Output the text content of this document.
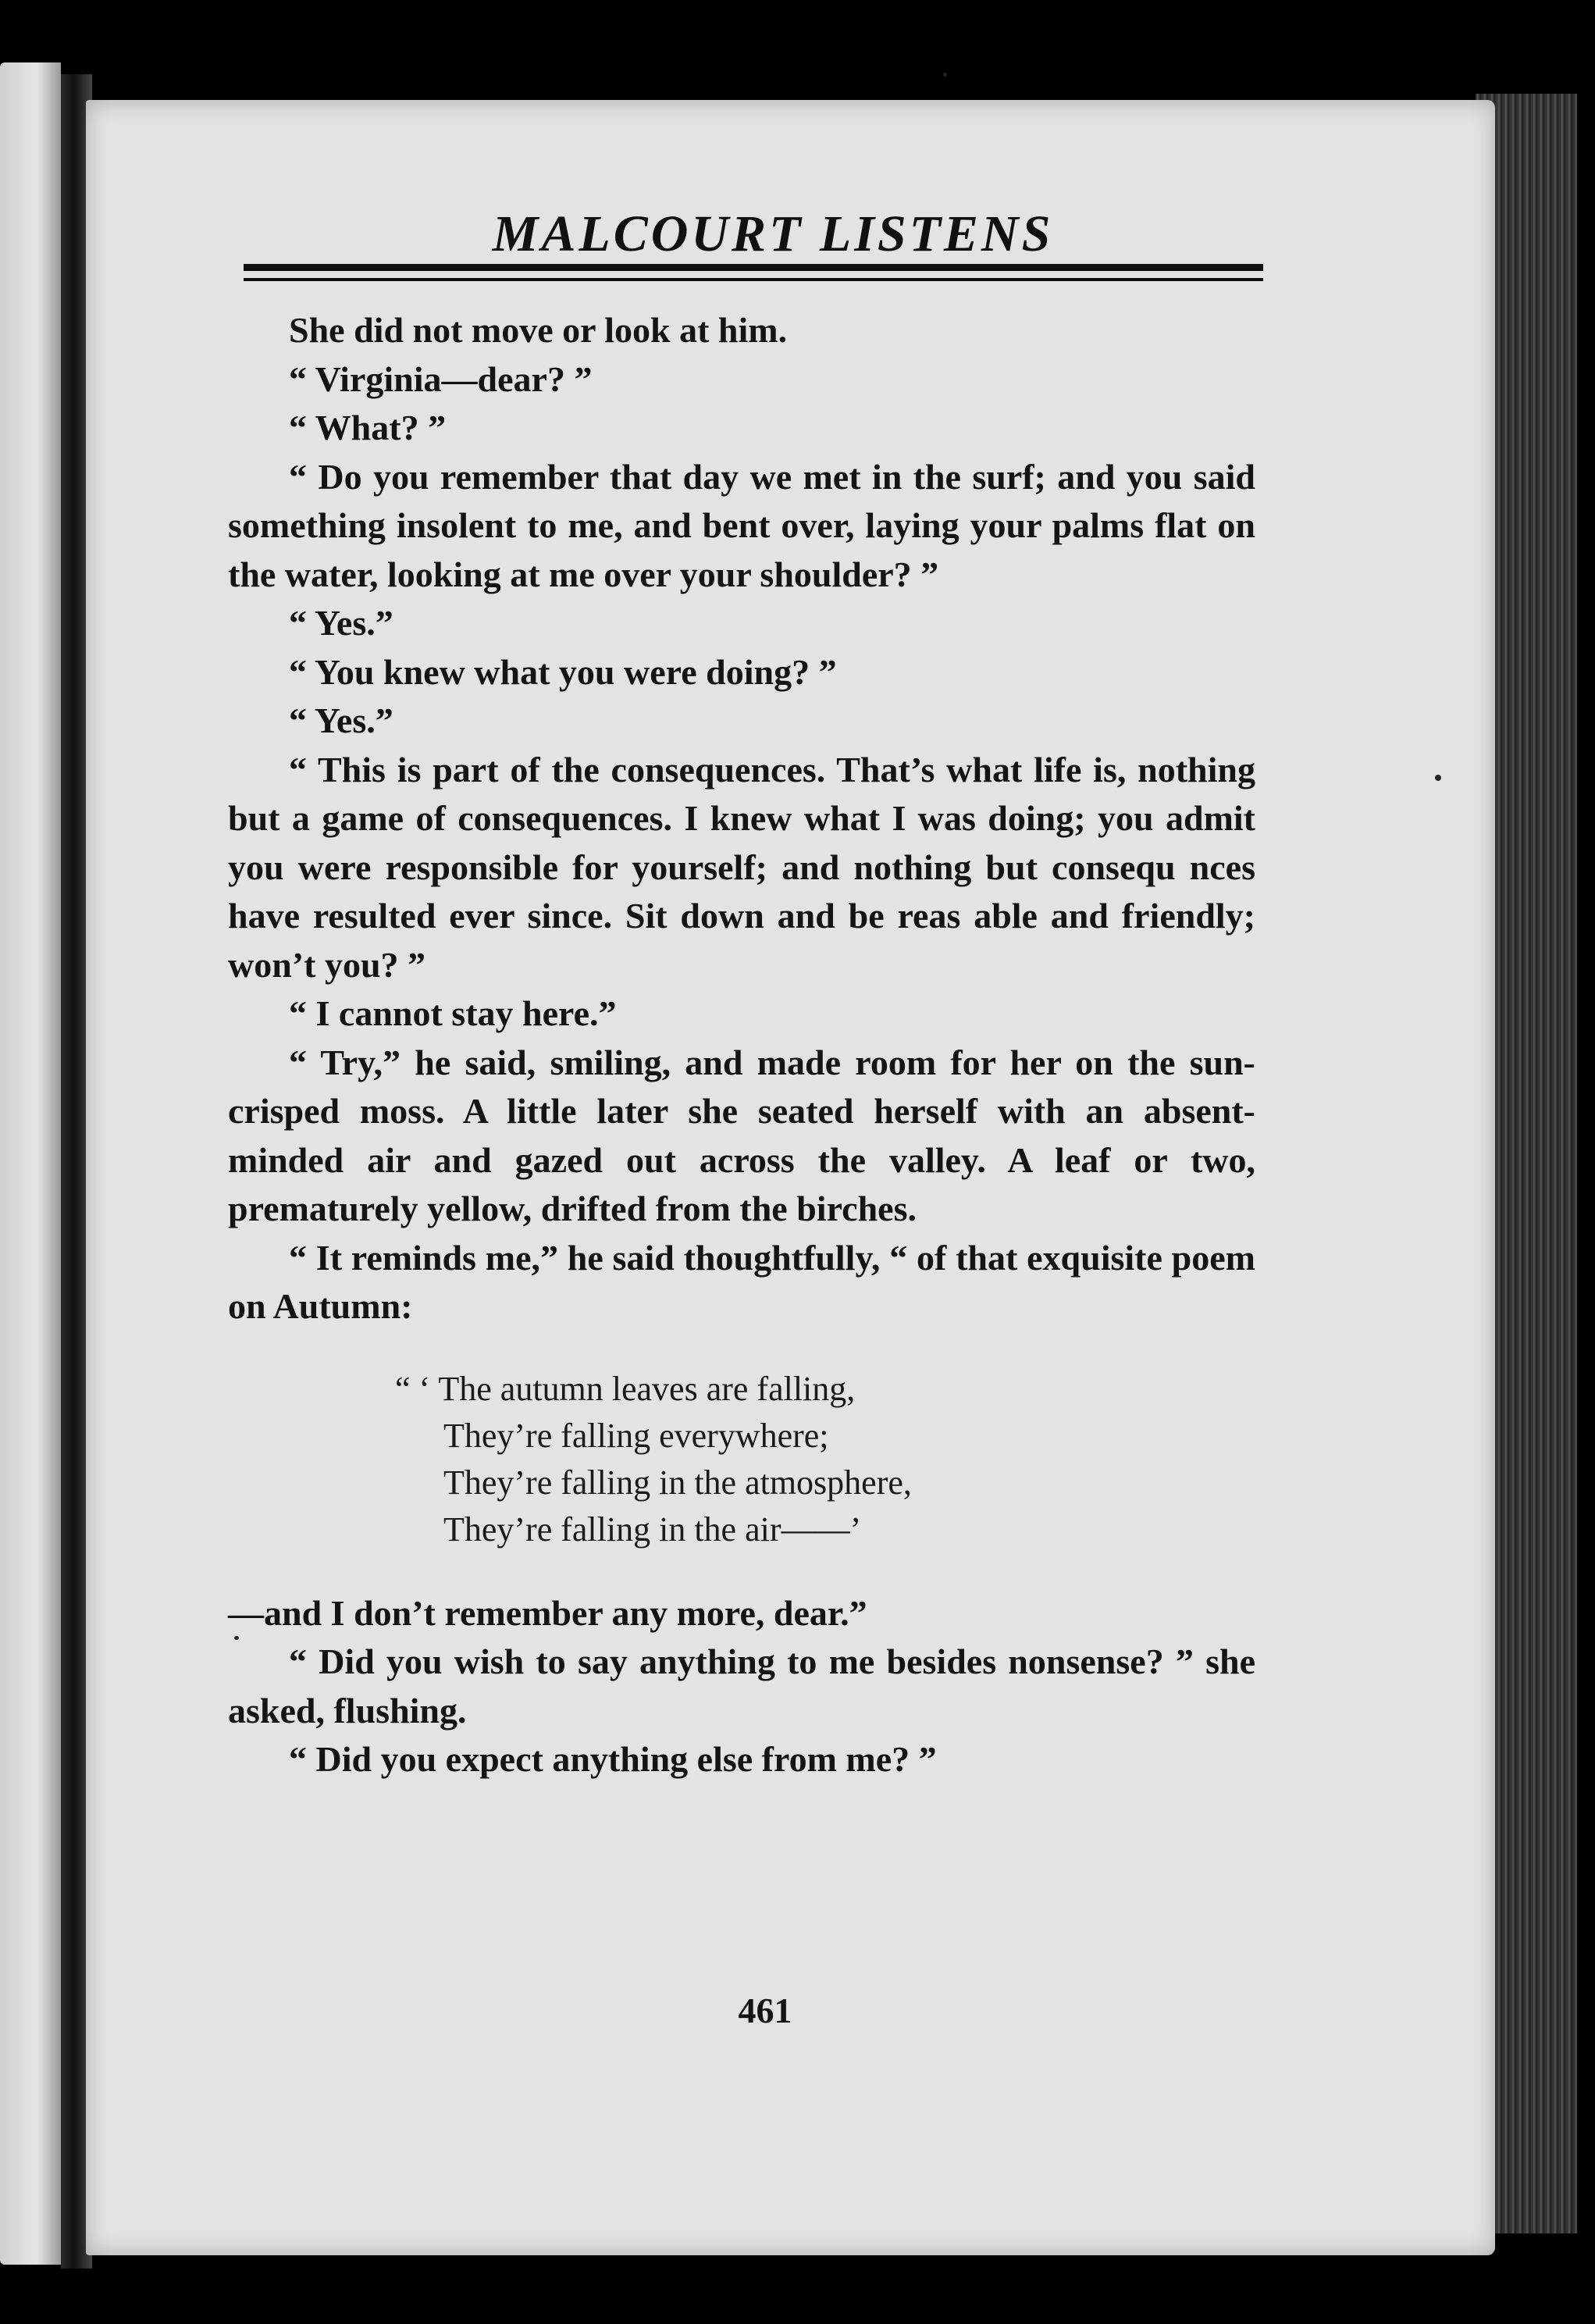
MALCOURT LISTENS

She did not move or look at him.

“ Virginia—dear? ”

“ What? ”

“ Do you remember that day we met in the surf; and you said something insolent to me, and bent over, laying your palms flat on the water, looking at me over your shoulder? ”

“ Yes.”

“ You knew what you were doing? ”

“ Yes.”

“ This is part of the consequences. That’s what life is, nothing but a game of consequences. I knew what I was doing; you admit you were responsible for yourself; and nothing but consequ nces have resulted ever since. Sit down and be reas able and friendly; won’t you? ”

“ I cannot stay here.”

“ Try,” he said, smiling, and made room for her on the sun-crisped moss. A little later she seated herself with an absent-minded air and gazed out across the valley. A leaf or two, prematurely yellow, drifted from the birches.

“ It reminds me,” he said thoughtfully, “ of that exquisite poem on Autumn:

“ ‘ The autumn leaves are falling,
They’re falling everywhere;
They’re falling in the atmosphere,
They’re falling in the air——’

—and I don’t remember any more, dear.”

“ Did you wish to say anything to me besides nonsense? ” she asked, flushing.

“ Did you expect anything else from me? ”

461
